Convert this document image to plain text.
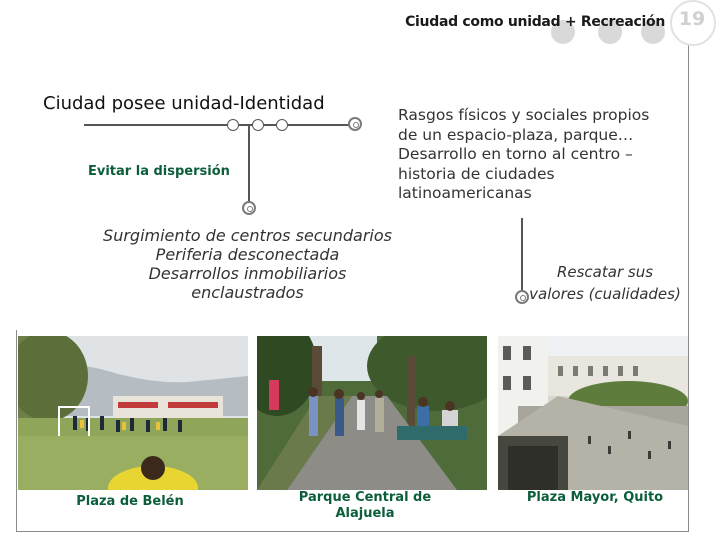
Ciudad como unidad + Recreación 19
Ciudad posee unidad-Identidad
Evitar la dispersión
Rasgos físicos y sociales propios
de un espacio-plaza, parque…
Desarrollo en torno al centro –
historia de ciudades
latinoamericanas
Surgimiento de centros secundarios
Periferia desconectada
Desarrollos inmobiliarios
enclaustrados
Rescatar sus
valores (cualidades)
Plaza de Belén	Parque Central de
Alajuela
Plaza Mayor, Quito
